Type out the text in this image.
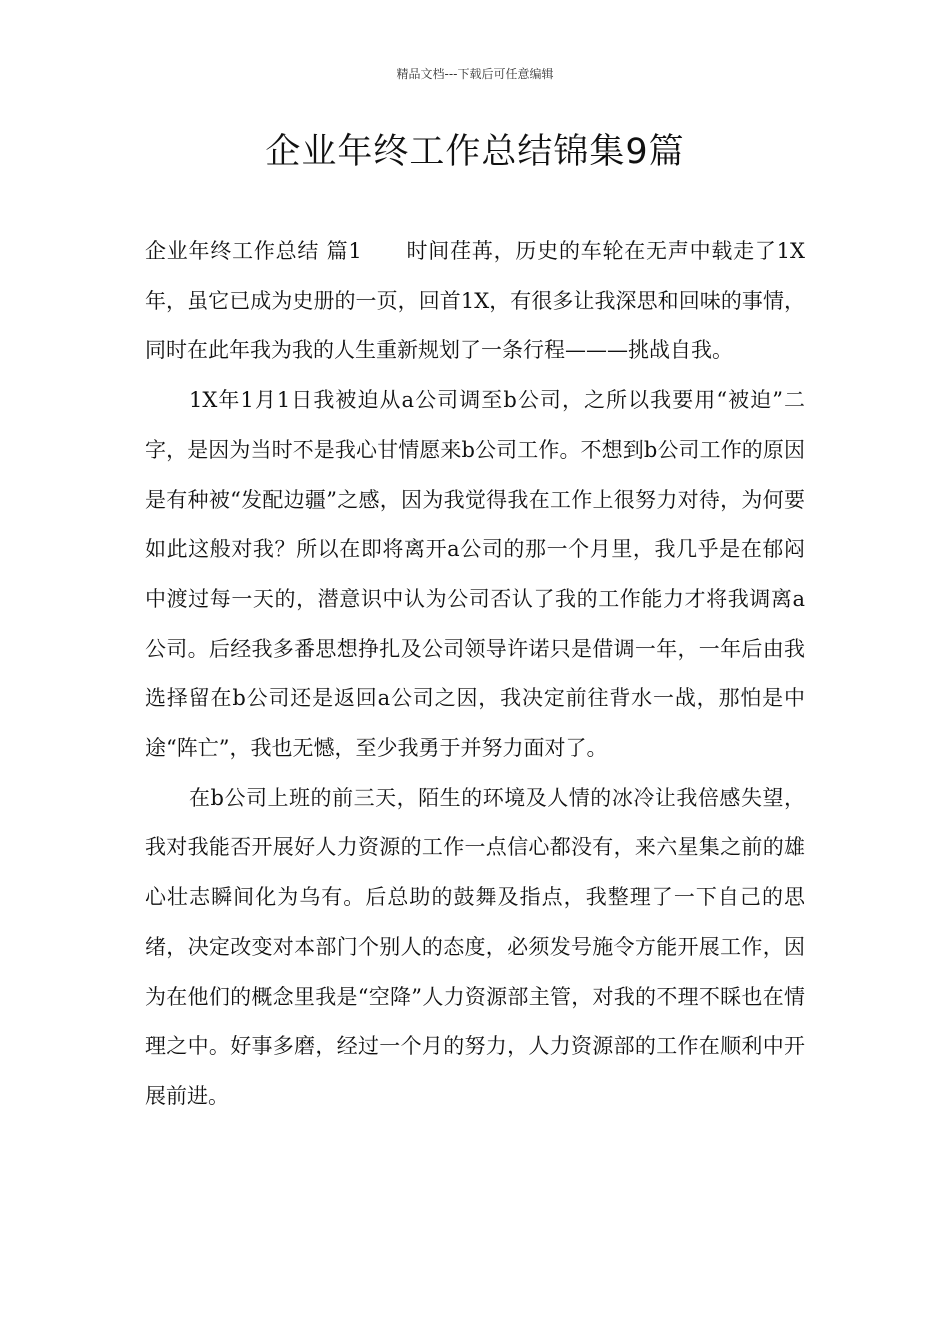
精品文档---下载后可任意编辑
企业年终工作总结锦集9篇

企业年终工作总结 篇1 时间荏苒，历史的车轮在无声中载走了1X年，虽它已成为史册的一页，回首1X，有很多让我深思和回味的事情，同时在此年我为我的人生重新规划了一条行程———挑战自我。

1X年1月1日我被迫从a公司调至b公司，之所以我要用“被迫”二字，是因为当时不是我心甘情愿来b公司工作。不想到b公司工作的原因是有种被“发配边疆”之感，因为我觉得我在工作上很努力对待，为何要如此这般对我？所以在即将离开a公司的那一个月里，我几乎是在郁闷中渡过每一天的，潜意识中认为公司否认了我的工作能力才将我调离a公司。后经我多番思想挣扎及公司领导许诺只是借调一年，一年后由我选择留在b公司还是返回a公司之因，我决定前往背水一战，那怕是中途“阵亡”，我也无憾，至少我勇于并努力面对了。

在b公司上班的前三天，陌生的环境及人情的冰冷让我倍感失望，我对我能否开展好人力资源的工作一点信心都没有，来六星集之前的雄心壮志瞬间化为乌有。后总助的鼓舞及指点，我整理了一下自己的思绪，决定改变对本部门个别人的态度，必须发号施令方能开展工作，因为在他们的概念里我是“空降”人力资源部主管，对我的不理不睬也在情理之中。好事多磨，经过一个月的努力，人力资源部的工作在顺利中开展前进。
